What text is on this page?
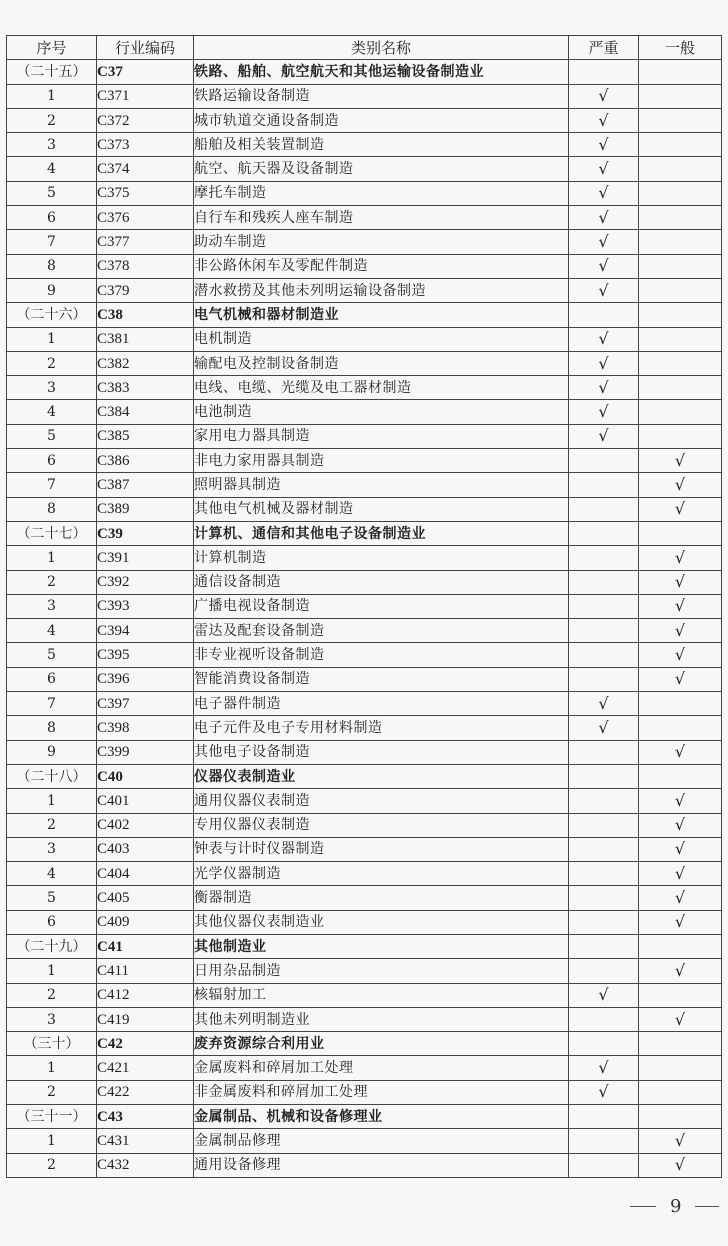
序号	行业编码	类别名称	严重	一般
（二十五）	C37	铁路、船舶、航空航天和其他运输设备制造业		
1	C371	铁路运输设备制造	√	
2	C372	城市轨道交通设备制造	√	
3	C373	船舶及相关装置制造	√	
4	C374	航空、航天器及设备制造	√	
5	C375	摩托车制造	√	
6	C376	自行车和残疾人座车制造	√	
7	C377	助动车制造	√	
8	C378	非公路休闲车及零配件制造	√	
9	C379	潜水救捞及其他未列明运输设备制造	√	
（二十六）	C38	电气机械和器材制造业		
1	C381	电机制造	√	
2	C382	输配电及控制设备制造	√	
3	C383	电线、电缆、光缆及电工器材制造	√	
4	C384	电池制造	√	
5	C385	家用电力器具制造	√	
6	C386	非电力家用器具制造		√
7	C387	照明器具制造		√
8	C389	其他电气机械及器材制造		√
（二十七）	C39	计算机、通信和其他电子设备制造业		
1	C391	计算机制造		√
2	C392	通信设备制造		√
3	C393	广播电视设备制造		√
4	C394	雷达及配套设备制造		√
5	C395	非专业视听设备制造		√
6	C396	智能消费设备制造		√
7	C397	电子器件制造	√	
8	C398	电子元件及电子专用材料制造	√	
9	C399	其他电子设备制造		√
（二十八）	C40	仪器仪表制造业		
1	C401	通用仪器仪表制造		√
2	C402	专用仪器仪表制造		√
3	C403	钟表与计时仪器制造		√
4	C404	光学仪器制造		√
5	C405	衡器制造		√
6	C409	其他仪器仪表制造业		√
（二十九）	C41	其他制造业		
1	C411	日用杂品制造		√
2	C412	核辐射加工	√	
3	C419	其他未列明制造业		√
（三十）	C42	废弃资源综合利用业		
1	C421	金属废料和碎屑加工处理	√	
2	C422	非金属废料和碎屑加工处理	√	
（三十一）	C43	金属制品、机械和设备修理业		
1	C431	金属制品修理		√
2	C432	通用设备修理		√
9
